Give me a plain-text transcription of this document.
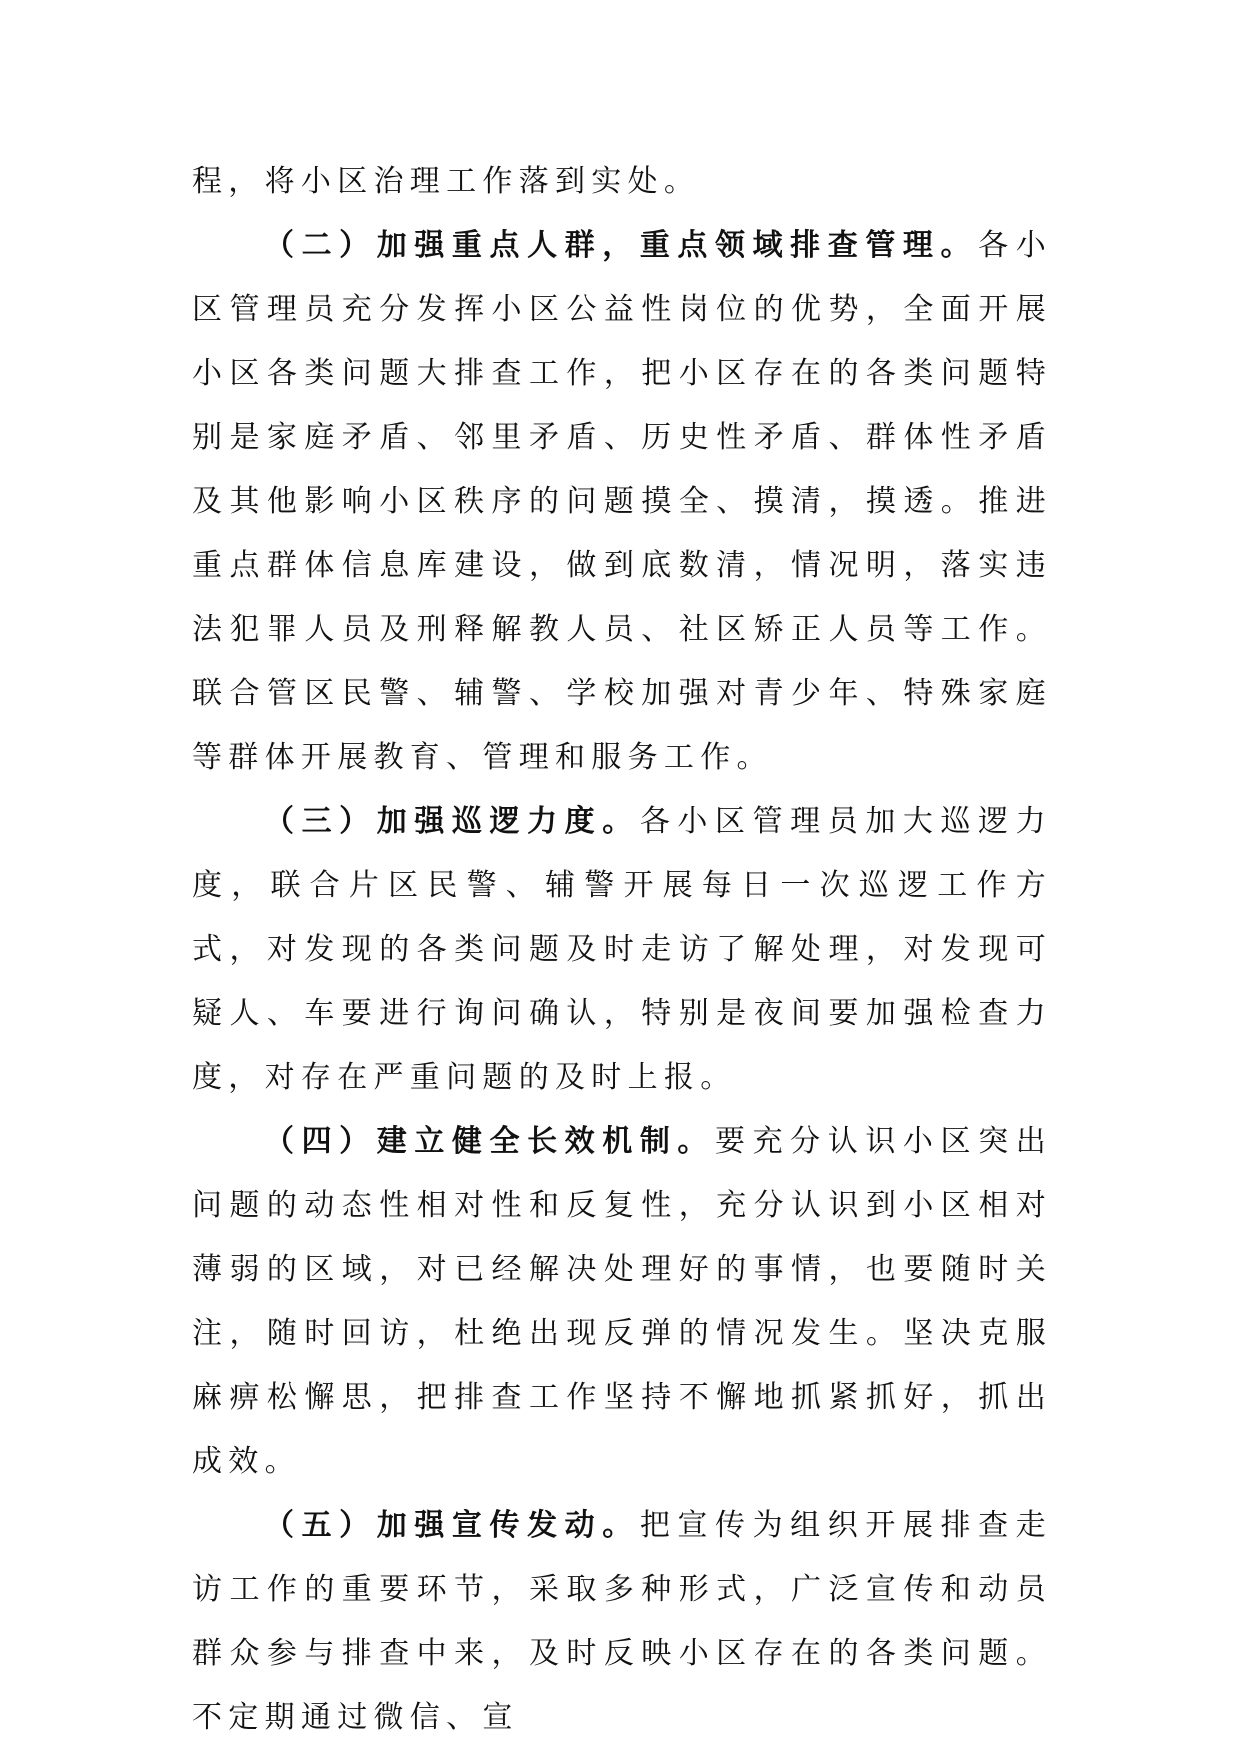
程，将小区治理工作落到实处。

（二）加强重点人群，重点领域排查管理。各小区管理员充分发挥小区公益性岗位的优势，全面开展小区各类问题大排查工作，把小区存在的各类问题特别是家庭矛盾、邻里矛盾、历史性矛盾、群体性矛盾及其他影响小区秩序的问题摸全、摸清，摸透。推进重点群体信息库建设，做到底数清，情况明，落实违法犯罪人员及刑释解教人员、社区矫正人员等工作。联合管区民警、辅警、学校加强对青少年、特殊家庭等群体开展教育、管理和服务工作。

（三）加强巡逻力度。各小区管理员加大巡逻力度，联合片区民警、辅警开展每日一次巡逻工作方式，对发现的各类问题及时走访了解处理，对发现可疑人、车要进行询问确认，特别是夜间要加强检查力度，对存在严重问题的及时上报。

（四）建立健全长效机制。要充分认识小区突出问题的动态性相对性和反复性，充分认识到小区相对薄弱的区域，对已经解决处理好的事情，也要随时关注，随时回访，杜绝出现反弹的情况发生。坚决克服麻痹松懈思，把排查工作坚持不懈地抓紧抓好，抓出成效。

（五）加强宣传发动。把宣传为组织开展排查走访工作的重要环节，采取多种形式，广泛宣传和动员群众参与排查中来，及时反映小区存在的各类问题。不定期通过微信、宣
